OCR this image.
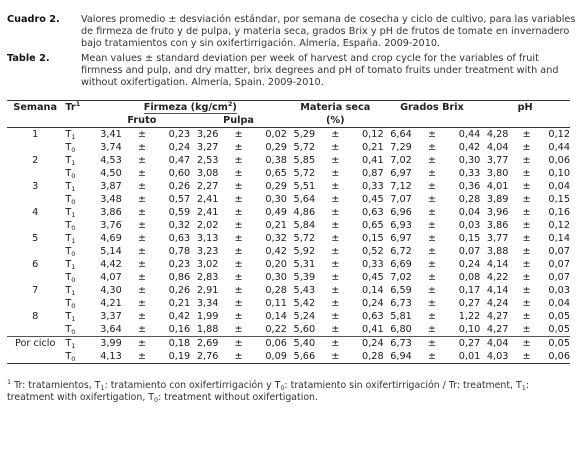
Cuadro 2.	Valores promedio ± desviación estándar, por semana de cosecha y ciclo de cultivo, para las variables de firmeza de fruto y de pulpa, y materia seca, grados Brix y pH de frutos de tomate en invernadero bajo tratamientos con y sin oxifertirrigación. Almería, España. 2009-2010.
Table 2.	Mean values ± standard deviation per week of harvest and crop cycle for the variables of fruit firmness and pulp, and dry matter, brix degrees and pH of tomato fruits under treatment with and without oxifertigation. Almería, Spain. 2009-2010.
Semana	Tr$^1$	Firmeza $(kg/cm^2)$						Materia seca			Grados Brix			pH		
		Fruto			Pulpa			(%)								
1	$T_1$	3,41	±	0,23	3,26	±	0,02	5,29	±	0,12	6,64	±	0,44	4,28	±	0,12
	$T_0$	3,74	±	0,24	3,27	±	0,29	5,72	±	0,21	7,29	±	0,42	4,04	±	0,44
2	$T_1$	4,53	±	0,47	2,53	±	0,38	5,85	±	0,41	7,02	±	0,30	3,77	±	0,06
	$T_0$	4,50	±	0,60	3,08	±	0,65	5,72	±	0,87	6,97	±	0,33	3,80	±	0,10
3	$T_1$	3,87	±	0,26	2,27	±	0,29	5,51	±	0,33	7,12	±	0,36	4,01	±	0,04
	$T_0$	3,48	±	0,57	2,41	±	0,30	5,64	±	0,45	7,07	±	0,28	3,89	±	0,15
4	$T_1$	3,86	±	0,59	2,41	±	0,49	4,86	±	0,63	6,96	±	0,04	3,96	±	0,16
	$T_0$	3,76	±	0,32	2,02	±	0,21	5,84	±	0,65	6,93	±	0,03	3,86	±	0,12
5	$T_1$	4,69	±	0,63	3,13	±	0,32	5,72	±	0,15	6,97	±	0,15	3,77	±	0,14
	$T_0$	5,14	±	0,78	3,23	±	0,42	5,92	±	0,52	6,72	±	0,07	3,88	±	0,07
6	$T_1$	4,42	±	0,23	3,02	±	0,20	5,31	±	0,33	6,69	±	0,24	4,14	±	0,07
	$T_0$	4,07	±	0,86	2,83	±	0,30	5,39	±	0,45	7,02	±	0,08	4,22	±	0,07
7	$T_1$	4,30	±	0,26	2,91	±	0,28	5,43	±	0,14	6,59	±	0,17	4,14	±	0,03
	$T_0$	4,21	±	0,21	3,34	±	0,11	5,42	±	0,24	6,73	±	0,27	4,24	±	0,04
8	$T_1$	3,37	±	0,42	1,99	±	0,14	5,24	±	0,63	5,81	±	1,22	4,27	±	0,05
	$T_0$	3,64	±	0,16	1,88	±	0,22	5,60	±	0,41	6,80	±	0,10	4,27	±	0,05
Por ciclo	$T_1$	3,99	±	0,18	2,69	±	0,06	5,40	±	0,24	6,73	±	0,27	4,04	±	0,05
	$T_0$	4,13	±	0,19	2,76	±	0,09	5,66	±	0,28	6,94	±	0,01	4,03	±	0,06
$^1$ Tr: tratamientos, $T_1$: tratamiento con oxifertirrigación y $T_0$: tratamiento sin oxifertirrigación / Tr: treatment, $T_1$: treatment with oxifertigation, $T_0$: treatment without oxifertigation.
